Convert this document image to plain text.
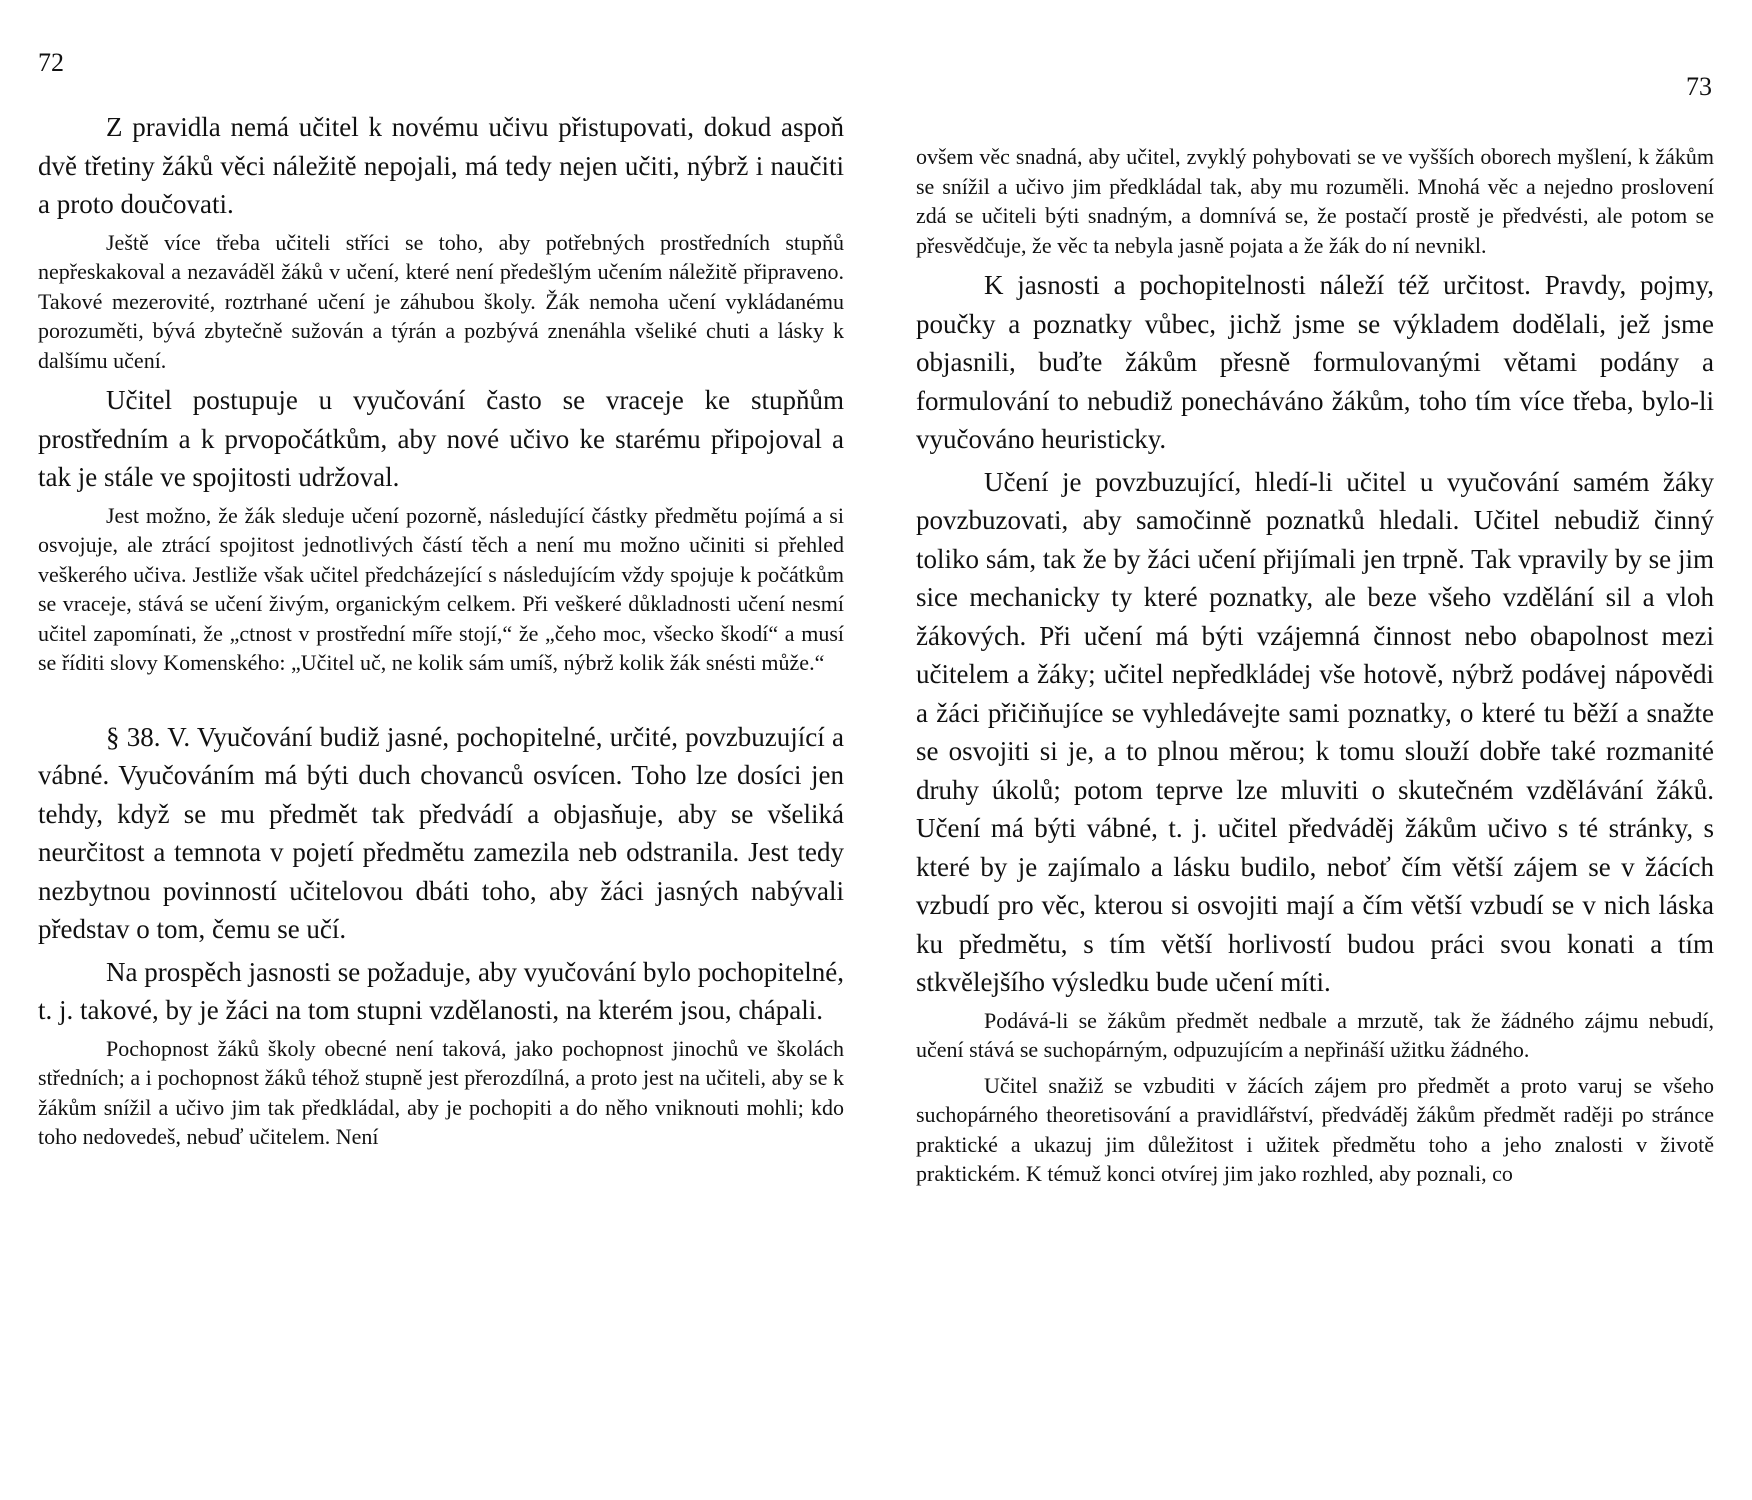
72

Z pravidla nemá učitel k novému učivu přistupovati, dokud aspoň dvě třetiny žáků věci náležitě nepojali, má tedy nejen učiti, nýbrž i naučiti a proto doučovati.

Ještě více třeba učiteli stříci se toho, aby potřebných prostředních stupňů nepřeskakoval a nezaváděl žáků v učení, které není předešlým učením náležitě připraveno. Takové mezerovité, roztrhané učení je záhubou školy. Žák nemoha učení vykládanému porozuměti, bývá zbytečně sužován a týrán a pozbývá znenáhla všeliké chuti a lásky k dalšímu učení.

Učitel postupuje u vyučování často se vraceje ke stupňům prostředním a k prvopočátkům, aby nové učivo ke starému připojoval a tak je stále ve spojitosti udržoval.

Jest možno, že žák sleduje učení pozorně, následující částky předmětu pojímá a si osvojuje, ale ztrácí spojitost jednotlivých částí těch a není mu možno učiniti si přehled veškerého učiva. Jestliže však učitel předcházející s následujícím vždy spojuje k počátkům se vraceje, stává se učení živým, organickým celkem. Při veškeré důkladnosti učení nesmí učitel zapomínati, že „ctnost v prostřední míře stojí,“ že „čeho moc, všecko škodí“ a musí se říditi slovy Komenského: „Učitel uč, ne kolik sám umíš, nýbrž kolik žák snésti může.“

§ 38. V. Vyučování budiž jasné, pochopitelné, určité, povzbuzující a vábné. Vyučováním má býti duch chovanců osvícen. Toho lze dosíci jen tehdy, když se mu předmět tak předvádí a objasňuje, aby se všeliká neurčitost a temnota v pojetí předmětu zamezila neb odstranila. Jest tedy nezbytnou povinností učitelovou dbáti toho, aby žáci jasných nabývali představ o tom, čemu se učí.

Na prospěch jasnosti se požaduje, aby vyučování bylo pochopitelné, t. j. takové, by je žáci na tom stupni vzdělanosti, na kterém jsou, chápali.

Pochopnost žáků školy obecné není taková, jako pochopnost jinochů ve školách středních; a i pochopnost žáků téhož stupně jest přerozdílná, a proto jest na učiteli, aby se k žákům snížil a učivo jim tak předkládal, aby je pochopiti a do něho vniknouti mohli; kdo toho nedovedeš, nebuď učitelem. Není

73

ovšem věc snadná, aby učitel, zvyklý pohybovati se ve vyšších oborech myšlení, k žákům se snížil a učivo jim předkládal tak, aby mu rozuměli. Mnohá věc a nejedno proslovení zdá se učiteli býti snadným, a domnívá se, že postačí prostě je předvésti, ale potom se přesvědčuje, že věc ta nebyla jasně pojata a že žák do ní nevnikl.

K jasnosti a pochopitelnosti náleží též určitost. Pravdy, pojmy, poučky a poznatky vůbec, jichž jsme se výkladem dodělali, jež jsme objasnili, buďte žákům přesně formulovanými větami podány a formulování to nebudiž ponecháváno žákům, toho tím více třeba, bylo-li vyučováno heuristicky.

Učení je povzbuzující, hledí-li učitel u vyučování samém žáky povzbuzovati, aby samočinně poznatků hledali. Učitel nebudiž činný toliko sám, tak že by žáci učení přijímali jen trpně. Tak vpravily by se jim sice mechanicky ty které poznatky, ale beze všeho vzdělání sil a vloh žákových. Při učení má býti vzájemná činnost nebo obapolnost mezi učitelem a žáky; učitel nepředkládej vše hotově, nýbrž podávej nápovědi a žáci přičiňujíce se vyhledávejte sami poznatky, o které tu běží a snažte se osvojiti si je, a to plnou měrou; k tomu slouží dobře také rozmanité druhy úkolů; potom teprve lze mluviti o skutečném vzdělávání žáků. Učení má býti vábné, t. j. učitel předváděj žákům učivo s té stránky, s které by je zajímalo a lásku budilo, neboť čím větší zájem se v žácích vzbudí pro věc, kterou si osvojiti mají a čím větší vzbudí se v nich láska ku předmětu, s tím větší horlivostí budou práci svou konati a tím stkvělejšího výsledku bude učení míti.

Podává-li se žákům předmět nedbale a mrzutě, tak že žádného zájmu nebudí, učení stává se suchopárným, odpuzujícím a nepřináší užitku žádného.

Učitel snažiž se vzbuditi v žácích zájem pro předmět a proto varuj se všeho suchopárného theoretisování a pravidlářství, předváděj žákům předmět raději po stránce praktické a ukazuj jim důležitost i užitek předmětu toho a jeho znalosti v životě praktickém. K témuž konci otvírej jim jako rozhled, aby poznali, co
